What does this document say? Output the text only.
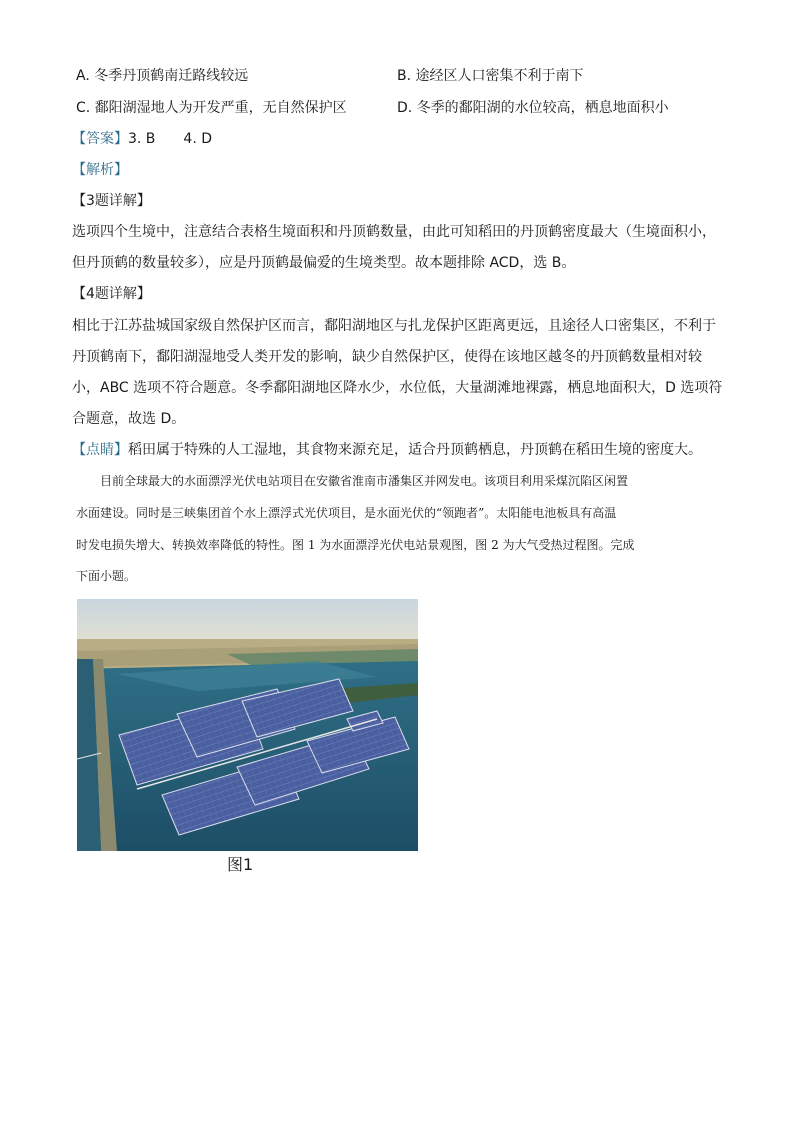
A. 冬季丹顶鹤南迁路线较远	B. 途经区人口密集不利于南下
C. 鄱阳湖湿地人为开发严重，无自然保护区	D. 冬季的鄱阳湖的水位较高，栖息地面积小
【答案】3. B　　4. D
【解析】
【3题详解】
选项四个生境中，注意结合表格生境面积和丹顶鹤数量，由此可知稻田的丹顶鹤密度最大（生境面积小，
但丹顶鹤的数量较多），应是丹顶鹤最偏爱的生境类型。故本题排除 ACD，选 B。
【4题详解】
相比于江苏盐城国家级自然保护区而言，鄱阳湖地区与扎龙保护区距离更远，且途径人口密集区，不利于
丹顶鹤南下，鄱阳湖湿地受人类开发的影响，缺少自然保护区，使得在该地区越冬的丹顶鹤数量相对较
小，ABC 选项不符合题意。冬季鄱阳湖地区降水少，水位低，大量湖滩地裸露，栖息地面积大，D 选项符
合题意，故选 D。
【点睛】稻田属于特殊的人工湿地，其食物来源充足，适合丹顶鹤栖息，丹顶鹤在稻田生境的密度大。
　　目前全球最大的水面漂浮光伏电站项目在安徽省淮南市潘集区并网发电。该项目利用采煤沉陷区闲置
水面建设。同时是三峡集团首个水上漂浮式光伏项目，是水面光伏的“领跑者”。太阳能电池板具有高温
时发电损失增大、转换效率降低的特性。图 1 为水面漂浮光伏电站景观图，图 2 为大气受热过程图。完成
下面小题。
图1
